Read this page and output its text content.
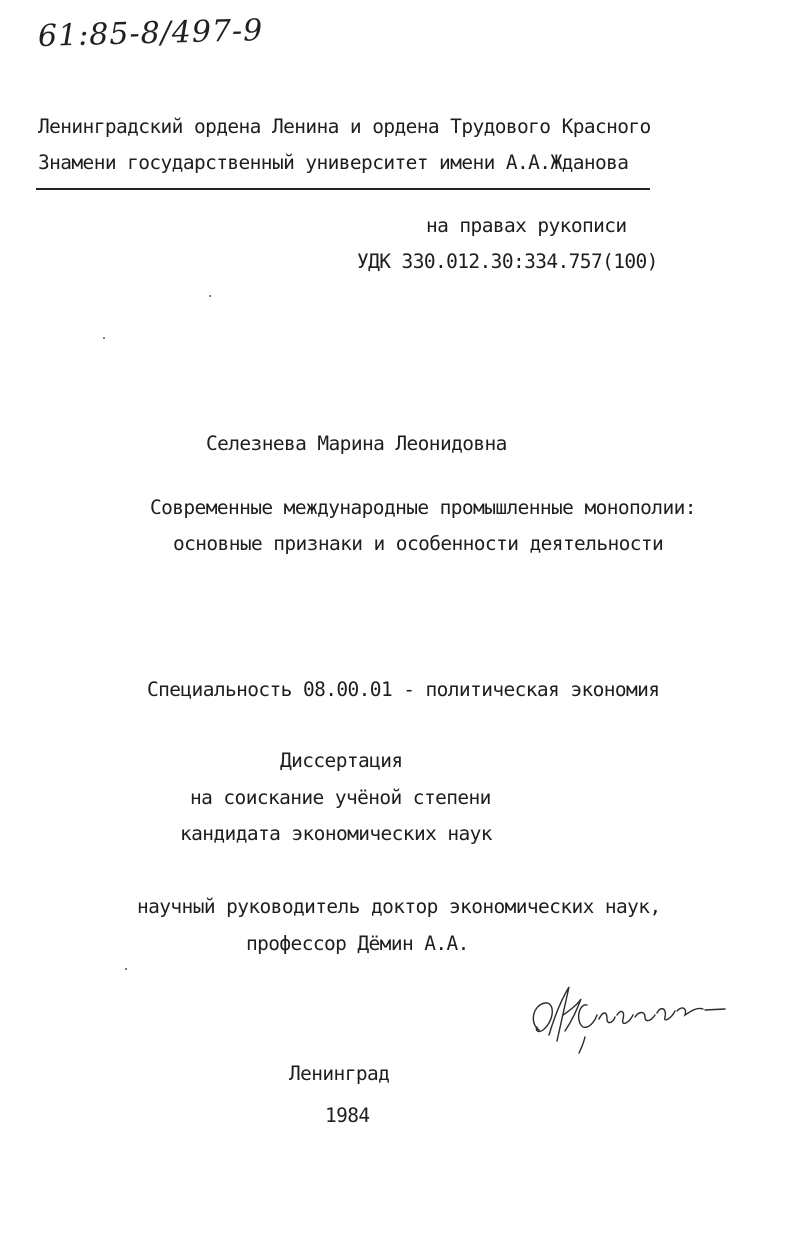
61:85-8/497-9
Ленинградский ордена Ленина и ордена Трудового Красного
Знамени государственный университет имени А.А.Жданова
на правах рукописи
УДК 330.012.30:334.757(100)
Селезнева Марина Леонидовна
Современные международные промышленные монополии:
основные признаки и особенности деятельности
Специальность 08.00.01 - политическая экономия
Диссертация
на соискание учёной степени
кандидата экономических наук
научный руководитель доктор экономических наук,
профессор Дёмин А.А.
Ленинград
1984
